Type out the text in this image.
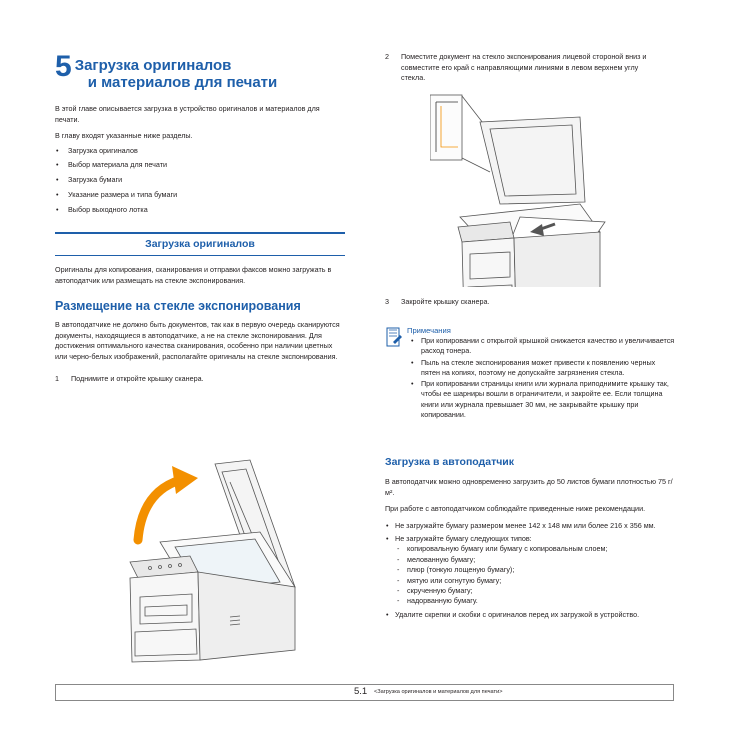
5 Загрузка оригиналов
и материалов для печати

В этой главе описывается загрузка в устройство оригиналов и материалов для печати.

В главу входят указанные ниже разделы.

• Загрузка оригиналов
• Выбор материала для печати
• Загрузка бумаги
• Указание размера и типа бумаги
• Выбор выходного лотка
Загрузка оригиналов

Оригиналы для копирования, сканирования и отправки факсов можно загружать в автоподатчик или размещать на стекле экспонирования.

Размещение на стекле экспонирования

В автоподатчике не должно быть документов, так как в первую очередь сканируются документы, находящиеся в автоподатчике, а не на стекле экспонирования. Для достижения оптимального качества сканирования, особенно при наличии цветных или черно-белых изображений, располагайте оригиналы на стекле экспонирования.

1	Поднимите и откройте крышку сканера.
2	Поместите документ на стекло экспонирования лицевой стороной вниз и совместите его край с направляющими линиями в левом верхнем углу стекла.
3	Закройте крышку сканера.
Примечания
• При копировании с открытой крышкой снижается качество и увеличивается расход тонера.
• Пыль на стекле экспонирования может привести к появлению черных пятен на копиях, поэтому не допускайте загрязнения стекла.
• При копировании страницы книги или журнала приподнимите крышку так, чтобы ее шарниры вошли в ограничители, и закройте ее. Если толщина книги или журнала превышает 30 мм, не закрывайте крышку при копировании.
Загрузка в автоподатчик

В автоподатчик можно одновременно загрузить до 50 листов бумаги плотностью 75 г/м².

При работе с автоподатчиком соблюдайте приведенные ниже рекомендации.

• Не загружайте бумагу размером менее 142 х 148 мм или более 216 х 356 мм.
• Не загружайте бумагу следующих типов:
- копировальную бумагу или бумагу с копировальным слоем;
- мелованную бумагу;
- плюр (тонкую лощеную бумагу);
- мятую или согнутую бумагу;
- скрученную бумагу;
- надорванную бумагу.
• Удалите скрепки и скобки с оригиналов перед их загрузкой в устройство.
5.1 <Загрузка оригиналов и материалов для печати>
